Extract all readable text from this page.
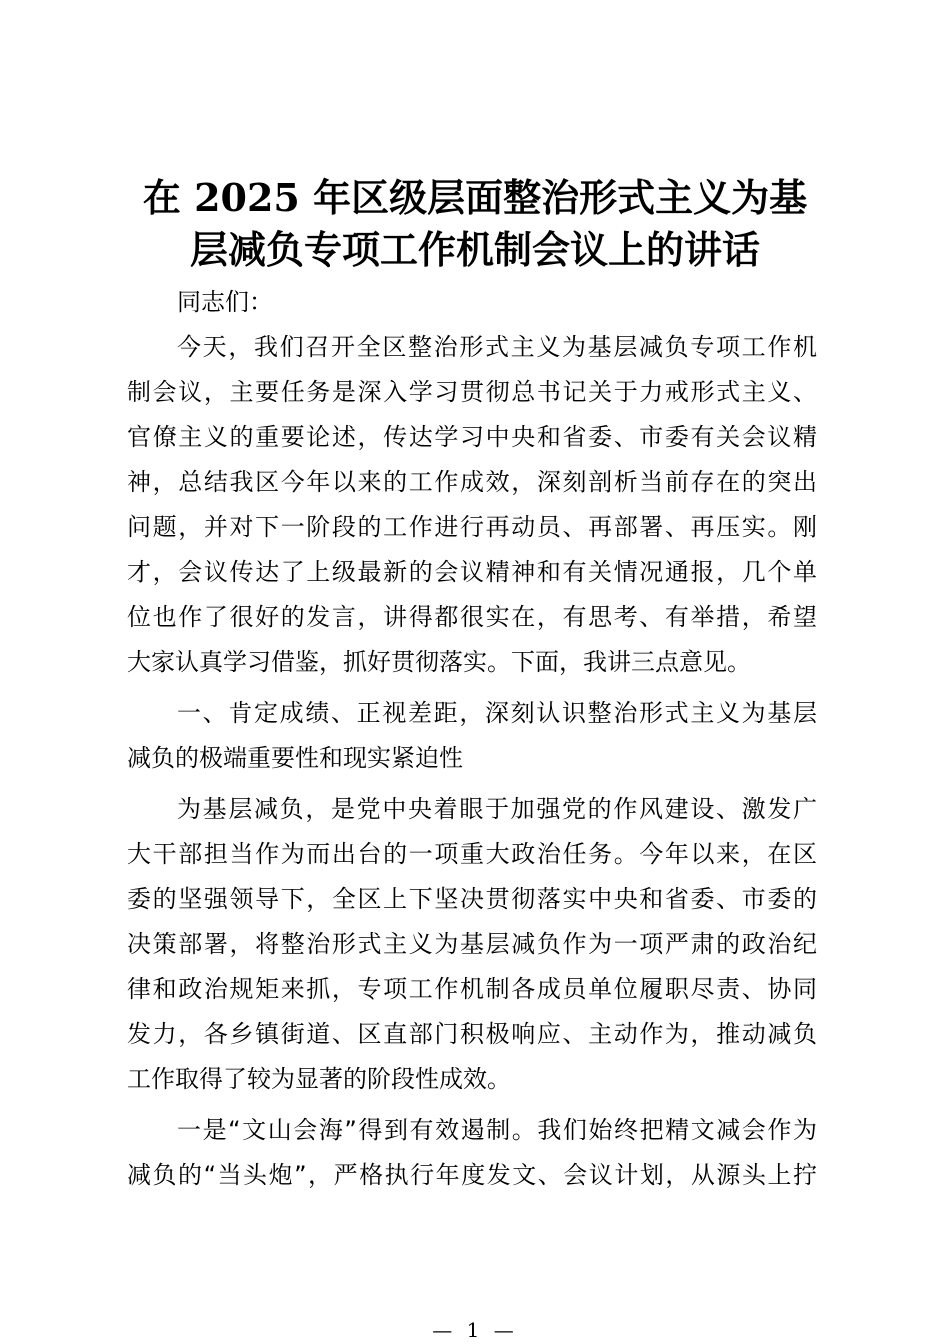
在 2025 年区级层面整治形式主义为基
层减负专项工作机制会议上的讲话
同志们：
今天，我们召开全区整治形式主义为基层减负专项工作机
制会议，主要任务是深入学习贯彻总书记关于力戒形式主义、
官僚主义的重要论述，传达学习中央和省委、市委有关会议精
神，总结我区今年以来的工作成效，深刻剖析当前存在的突出
问题，并对下一阶段的工作进行再动员、再部署、再压实。刚
才，会议传达了上级最新的会议精神和有关情况通报，几个单
位也作了很好的发言，讲得都很实在，有思考、有举措，希望
大家认真学习借鉴，抓好贯彻落实。下面，我讲三点意见。
一、肯定成绩、正视差距，深刻认识整治形式主义为基层
减负的极端重要性和现实紧迫性
为基层减负，是党中央着眼于加强党的作风建设、激发广
大干部担当作为而出台的一项重大政治任务。今年以来，在区
委的坚强领导下，全区上下坚决贯彻落实中央和省委、市委的
决策部署，将整治形式主义为基层减负作为一项严肃的政治纪
律和政治规矩来抓，专项工作机制各成员单位履职尽责、协同
发力，各乡镇街道、区直部门积极响应、主动作为，推动减负
工作取得了较为显著的阶段性成效。
一是“文山会海”得到有效遏制。我们始终把精文减会作为
减负的“当头炮”，严格执行年度发文、会议计划，从源头上拧
— 1 —
